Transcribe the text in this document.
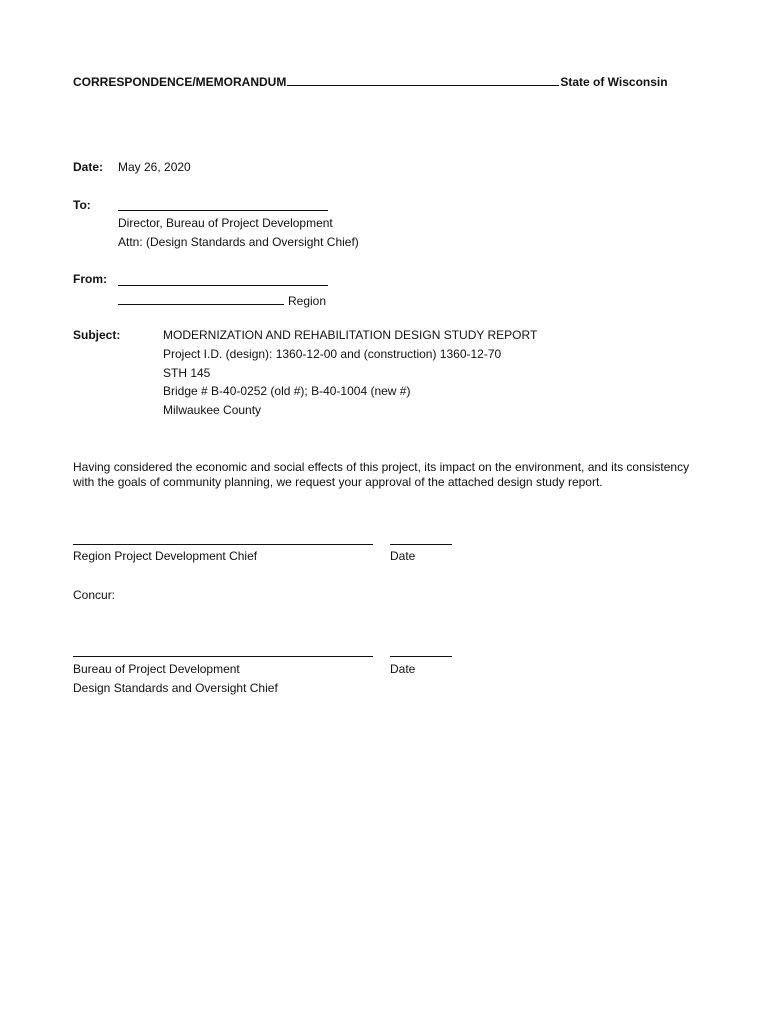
CORRESPONDENCE/MEMORANDUM	State of Wisconsin
Date: May 26, 2020
To:
Director, Bureau of Project Development
Attn: (Design Standards and Oversight Chief)
From:
Region
Subject:	MODERNIZATION AND REHABILITATION DESIGN STUDY REPORT
Project I.D. (design): 1360-12-00 and (construction) 1360-12-70
STH 145
Bridge # B-40-0252 (old #); B-40-1004 (new #)
Milwaukee County
Having considered the economic and social effects of this project, its impact on the environment, and its consistency with the goals of community planning, we request your approval of the attached design study report.
Region Project Development Chief	Date
Concur:
Bureau of Project Development	Date
Design Standards and Oversight Chief
